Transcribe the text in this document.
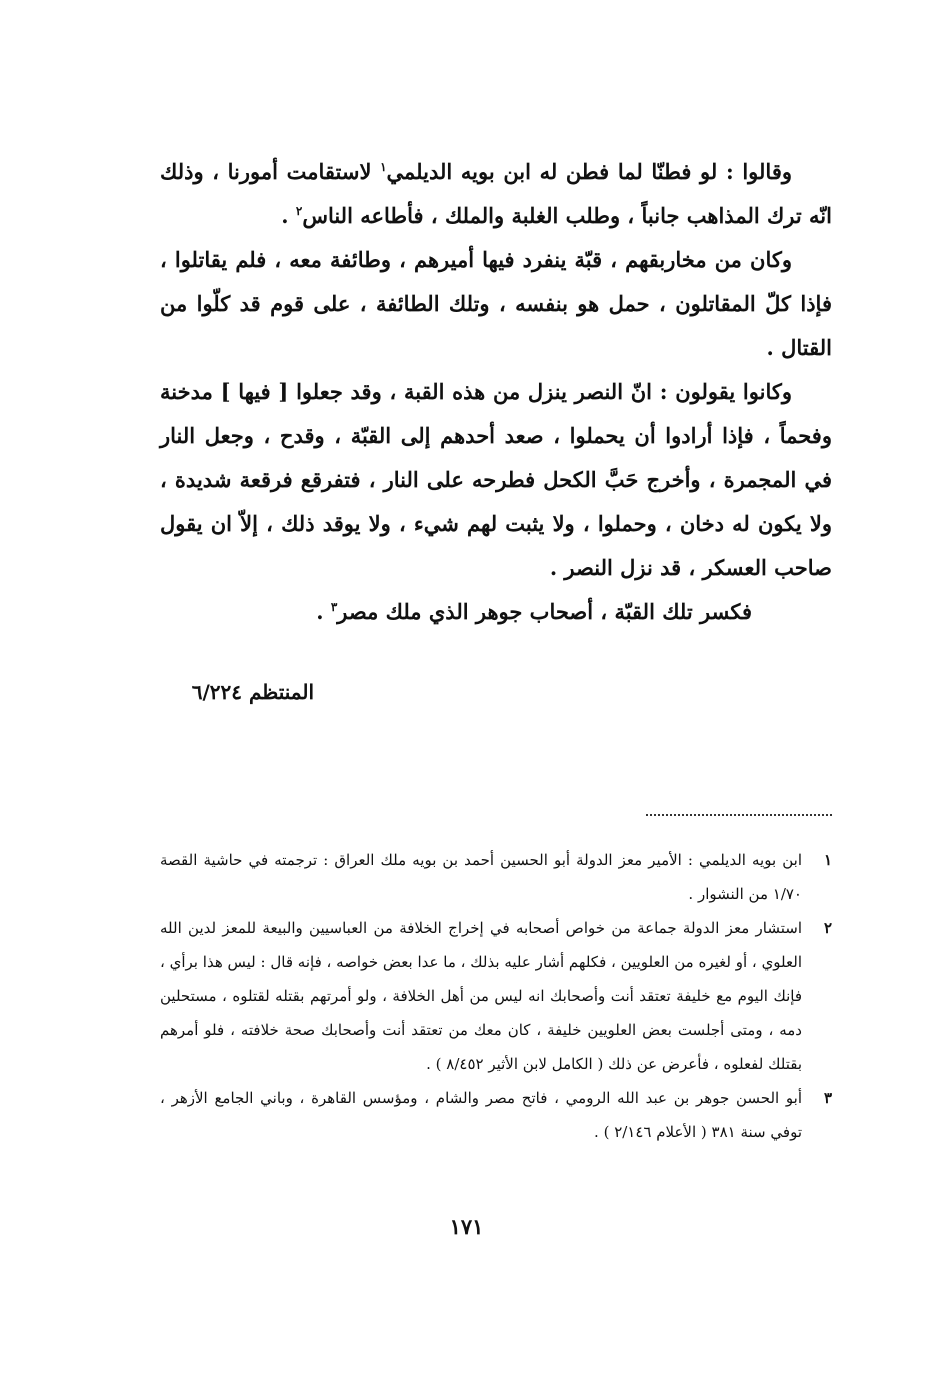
وقالوا : لو فطنّا لما فطن له ابن بويه الديلمي$^١$ لاستقامت أمورنا ، وذلك انّه ترك المذاهب جانباً ، وطلب الغلبة والملك ، فأطاعه الناس$^٢$ .

وكان من مخاربقهم ، قبّة ينفرد فيها أميرهم ، وطائفة معه ، فلم يقاتلوا ، فإذا كلّ المقاتلون ، حمل هو بنفسه ، وتلك الطائفة ، على قوم قد كلّوا من القتال .

وكانوا يقولون : انّ النصر ينزل من هذه القبة ، وقد جعلوا [ فيها ] مدخنة وفحماً ، فإذا أرادوا أن يحملوا ، صعد أحدهم إلى القبّة ، وقدح ، وجعل النار في المجمرة ، وأخرج حَبَّ الكحل فطرحه على النار ، فتفرقع فرقعة شديدة ، ولا يكون له دخان ، وحملوا ، ولا يثبت لهم شيء ، ولا يوقد ذلك ، إلاّ ان يقول صاحب العسكر ، قد نزل النصر .

فكسر تلك القبّة ، أصحاب جوهر الذي ملك مصر$^٣$ .

المنتظم ٦/٢٢٤
١
ابن بويه الديلمي : الأمير معز الدولة أبو الحسين أحمد بن بويه ملك العراق : ترجمته في حاشية القصة ١/٧٠ من النشوار .
٢
استشار معز الدولة جماعة من خواص أصحابه في إخراج الخلافة من العباسيين والبيعة للمعز لدين الله العلوي ، أو لغيره من العلويين ، فكلهم أشار عليه بذلك ، ما عدا بعض خواصه ، فإنه قال : ليس هذا برأي ، فإنك اليوم مع خليفة تعتقد أنت وأصحابك انه ليس من أهل الخلافة ، ولو أمرتهم بقتله لقتلوه ، مستحلين دمه ، ومتى أجلست بعض العلويين خليفة ، كان معك من تعتقد أنت وأصحابك صحة خلافته ، فلو أمرهم بقتلك لفعلوه ، فأعرض عن ذلك ( الكامل لابن الأثير ٨/٤٥٢ ) .
٣
أبو الحسن جوهر بن عبد الله الرومي ، فاتح مصر والشام ، ومؤسس القاهرة ، وباني الجامع الأزهر ، توفي سنة ٣٨١ ( الأعلام ٢/١٤٦ ) .
١٧١
